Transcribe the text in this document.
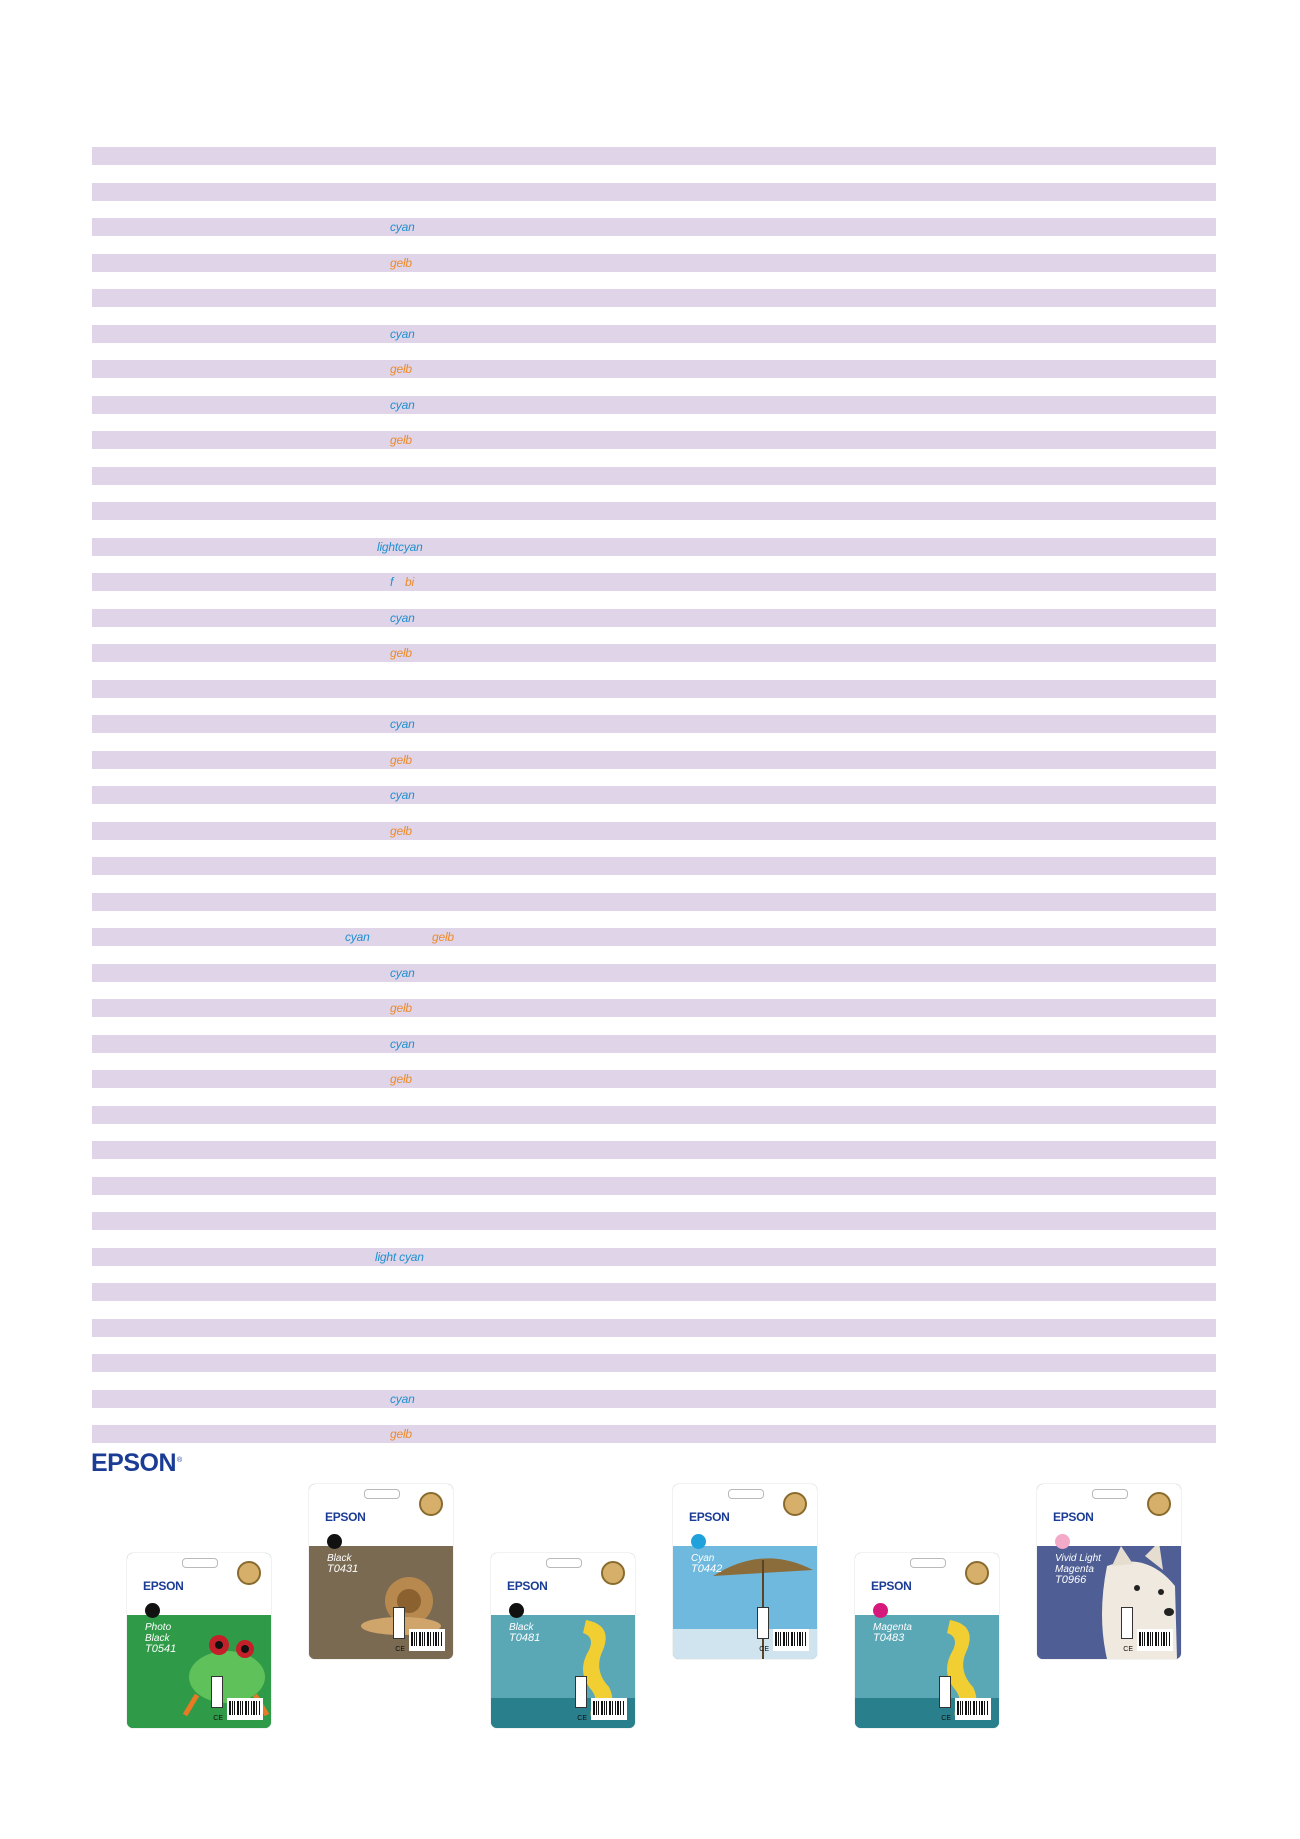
cyan
gelb
cyan
gelb
cyan
gelb
lightcyan
f bi
cyan
gelb
cyan
gelb
cyan
gelb
cyan	gelb
cyan
gelb
cyan
gelb
light cyan
cyan
gelb
EPSON®
EPSON
Photo
Black
T0541
CE
EPSON
Black
T0431
CE
EPSON
Black
T0481
CE
EPSON
Cyan
T0442
CE
EPSON
Magenta
T0483
CE
EPSON
Vivid Light
Magenta
T0966
CE
